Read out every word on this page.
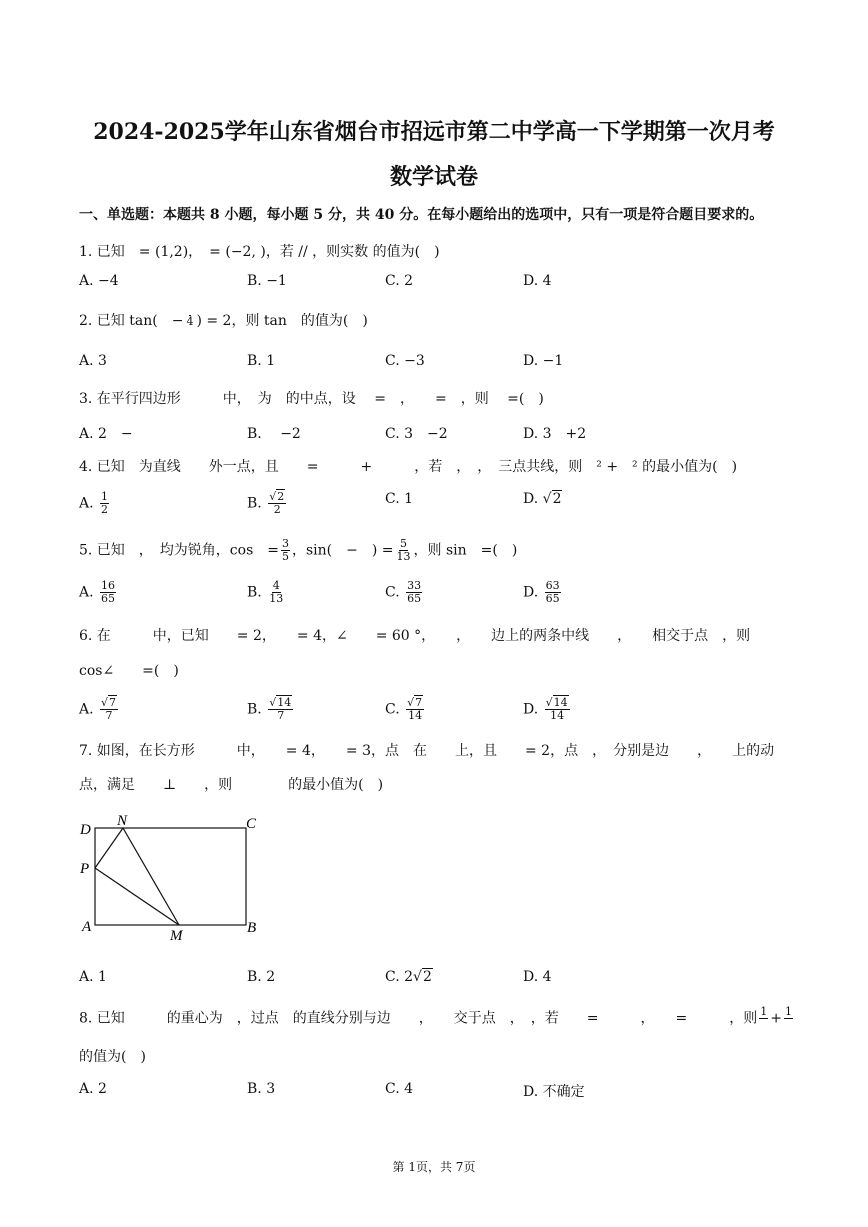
2024-2025学年山东省烟台市招远市第二中学高一下学期第一次月考
数学试卷
一、单选题：本题共 8 小题，每小题 5 分，共 40 分。在每小题给出的选项中，只有一项是符合题目要求的。
1. 已知　= (1,2)，　= (−2, )，若 // ，则实数 的值为(　)
A. −4	B. −1	C. 2	D. 4
2. 已知 tan(　− 4 ) = 2，则 tan　的值为(　)
A. 3	B. 1	C. −3	D. −1
3. 在平行四边形　　　中，　为　的中点，设　 =　，　　=　，则　 =(　)
A. 2　−	B. 　−2	C. 3　−2	D. 3　+2
4. 已知　为直线　　外一点，且　　=　　　+　　　，若　，　，　三点共线，则　² +　² 的最小值为(　)
A. $\frac{1}{2}$	B. $\frac{√2}{2}$	C. 1	D. √2
5. 已知　，　均为锐角，cos　= $\frac{3}{5}$ ，sin(　−　) = $\frac{5}{13}$ ，则 sin　=(　)
A. $\frac{16}{65}$	B. $\frac{4}{13}$	C. $\frac{33}{65}$	D. $\frac{63}{65}$
6. 在　　　中，已知　　= 2，　　= 4，∠　　= 60 °，　　，　　边上的两条中线　　，　　相交于点　，则
cos∠　　=(　)
A. $\frac{√7}{7}$	B. $\frac{√14}{7}$	C. $\frac{√7}{14}$	D. $\frac{√14}{14}$
7. 如图，在长方形　　　中，　　= 4，　　= 3，点　在　　上，且　　= 2，点　，　分别是边　　，　　上的动
点，满足　　⊥　　，则　　　　的最小值为(　)
D
N	C
P
A
M	B
A. 1	B. 2	C. 2√2	D. 4
8. 已知　　　的重心为　，过点　的直线分别与边　　，　　交于点　，　，若　　=　　　，　　=　　　，则 1 + 1
的值为(　)
A. 2	B. 3	C. 4	D. 不确定
第 1页，共 7页
